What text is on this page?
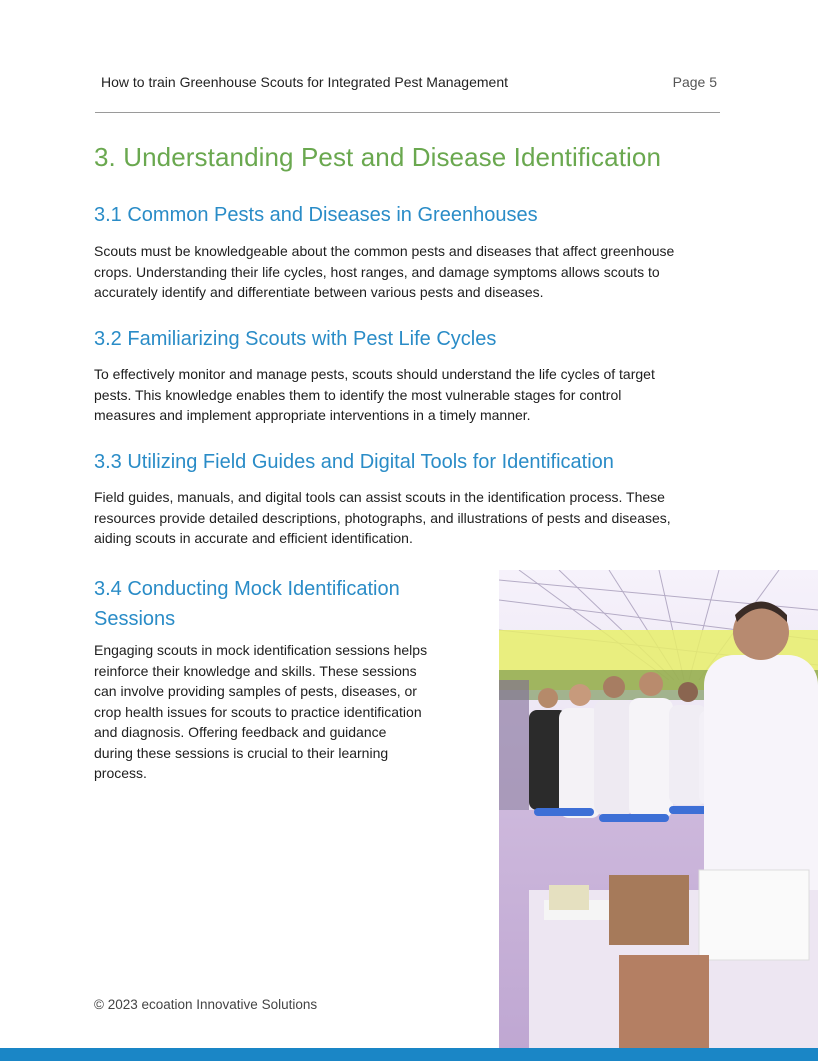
How to train Greenhouse Scouts for Integrated Pest Management	Page 5
3. Understanding Pest and Disease Identification
3.1 Common Pests and Diseases in Greenhouses
Scouts must be knowledgeable about the common pests and diseases that affect greenhouse
crops. Understanding their life cycles, host ranges, and damage symptoms allows scouts to
accurately identify and differentiate between various pests and diseases.
3.2 Familiarizing Scouts with Pest Life Cycles
To effectively monitor and manage pests, scouts should understand the life cycles of target
pests. This knowledge enables them to identify the most vulnerable stages for control
measures and implement appropriate interventions in a timely manner.
3.3 Utilizing Field Guides and Digital Tools for Identification
Field guides, manuals, and digital tools can assist scouts in the identification process. These
resources provide detailed descriptions, photographs, and illustrations of pests and diseases,
aiding scouts in accurate and efficient identification.
3.4 Conducting Mock Identification
Sessions
Engaging scouts in mock identification sessions helps
reinforce their knowledge and skills. These sessions
can involve providing samples of pests, diseases, or
crop health issues for scouts to practice identification
and diagnosis. Offering feedback and guidance
during these sessions is crucial to their learning
process.
© 2023 ecoation Innovative Solutions
